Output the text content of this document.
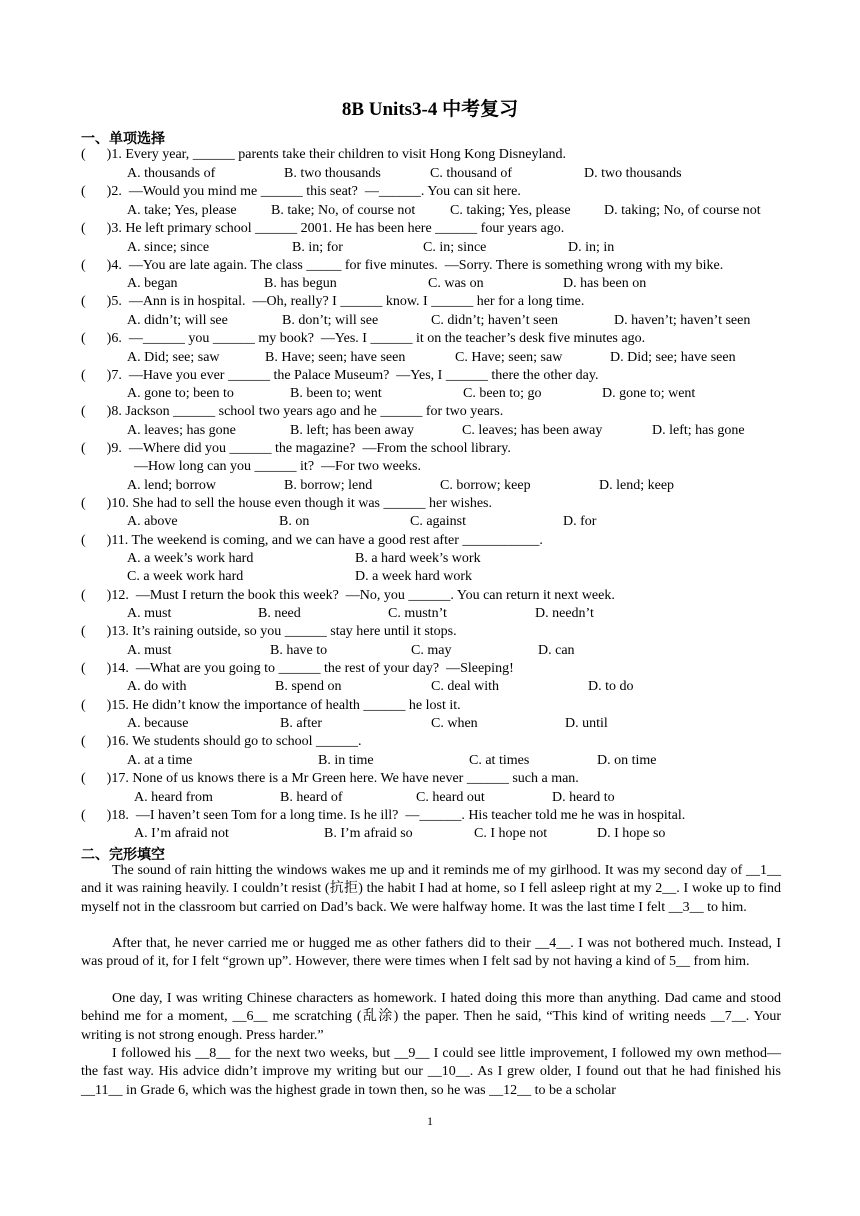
8B Units3-4 中考复习
一、单项选择
(      )1. Every year, ______ parents take their children to visit Hong Kong Disneyland.
A. thousands of	B. two thousands	C. thousand of	D. two thousands
(      )2.  —Would you mind me ______ this seat?  —______. You can sit here.
A. take; Yes, please B. take; No, of course not C. taking; Yes, please D. taking; No, of course not
(      )3. He left primary school ______ 2001. He has been here ______ four years ago.
A. since; since	B. in; for	C. in; since	D. in; in
(      )4.  —You are late again. The class _____ for five minutes.  —Sorry. There is something wrong with my bike.
A. began	B. has begun	C. was on	D. has been on
(      )5.  —Ann is in hospital.  —Oh, really? I ______ know. I ______ her for a long time.
A. didn’t; will see	B. don’t; will see	C. didn’t; haven’t seen	D. haven’t; haven’t seen
(      )6.  —______ you ______ my book?  —Yes. I ______ it on the teacher’s desk five minutes ago.
A. Did; see; saw	B. Have; seen; have seen	C. Have; seen; saw	D. Did; see; have seen
(      )7.  —Have you ever ______ the Palace Museum?  —Yes, I ______ there the other day.
A. gone to; been to	B. been to; went	C. been to; go	D. gone to; went
(      )8. Jackson ______ school two years ago and he ______ for two years.
A. leaves; has gone	B. left; has been away	C. leaves; has been away	D. left; has gone
(      )9.  —Where did you ______ the magazine?  —From the school library.
—How long can you ______ it?  —For two weeks.
A. lend; borrow	B. borrow; lend	C. borrow; keep	D. lend; keep
(      )10. She had to sell the house even though it was ______ her wishes.
A. above	B. on	C. against	D. for
(      )11. The weekend is coming, and we can have a good rest after ___________.
A. a week’s work hard	B. a hard week’s work
C. a week work hard	D. a week hard work
(      )12.  —Must I return the book this week?  —No, you ______. You can return it next week.
A. must	B. need	C. mustn’t	D. needn’t
(      )13. It’s raining outside, so you ______ stay here until it stops.
A. must	B. have to	C. may	D. can
(      )14.  —What are you going to ______ the rest of your day?  —Sleeping!
A. do with	B. spend on	C. deal with	D. to do
(      )15. He didn’t know the importance of health ______ he lost it.
A. because	B. after	C. when	D. until
(      )16. We students should go to school ______.
A. at a time	B. in time	C. at times	D. on time
(      )17. None of us knows there is a Mr Green here. We have never ______ such a man.
A. heard from	B. heard of	C. heard out	D. heard to
(      )18.  —I haven’t seen Tom for a long time. Is he ill?  —______. His teacher told me he was in hospital.
A. I’m afraid not	B. I’m afraid so	C. I hope not	D. I hope so
二、完形填空
The sound of rain hitting the windows wakes me up and it reminds me of my girlhood. It was my second day of __1__ and it was raining heavily. I couldn’t resist (抗拒) the habit I had at home, so I fell asleep right at my 2__. I woke up to find myself not in the classroom but carried on Dad’s back. We were halfway home. It was the last time I felt __3__ to him.
After that, he never carried me or hugged me as other fathers did to their __4__. I was not bothered much. Instead, I was proud of it, for I felt “grown up”. However, there were times when I felt sad by not having a kind of 5__ from him.
One day, I was writing Chinese characters as homework. I hated doing this more than anything. Dad came and stood behind me for a moment, __6__ me scratching (乱涂) the paper. Then he said, “This kind of writing needs __7__. Your writing is not strong enough. Press harder.”
I followed his __8__ for the next two weeks, but __9__ I could see little improvement, I followed my own method—the fast way. His advice didn’t improve my writing but our __10__. As I grew older, I found out that he had finished his __11__ in Grade 6, which was the highest grade in town then, so he was __12__ to be a scholar
1
